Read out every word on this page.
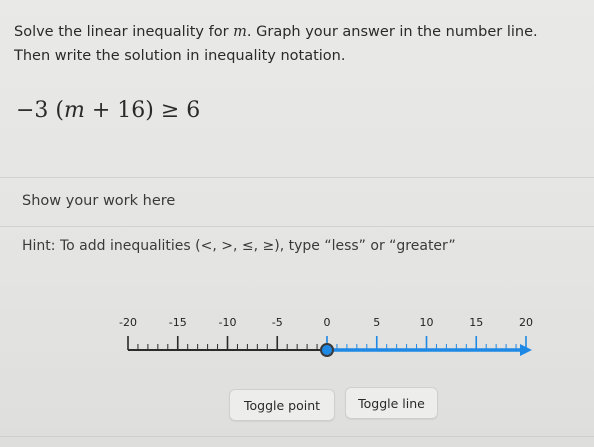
Solve the linear inequality for m. Graph your answer in the number line.
Then write the solution in inequality notation.
−3 (m + 16) ≥ 6
Show your work here
Hint: To add inequalities (<, >, ≤, ≥), type “less” or “greater”
-20	-15	-10	-5	0	5	10	15	20
Toggle point	Toggle line
